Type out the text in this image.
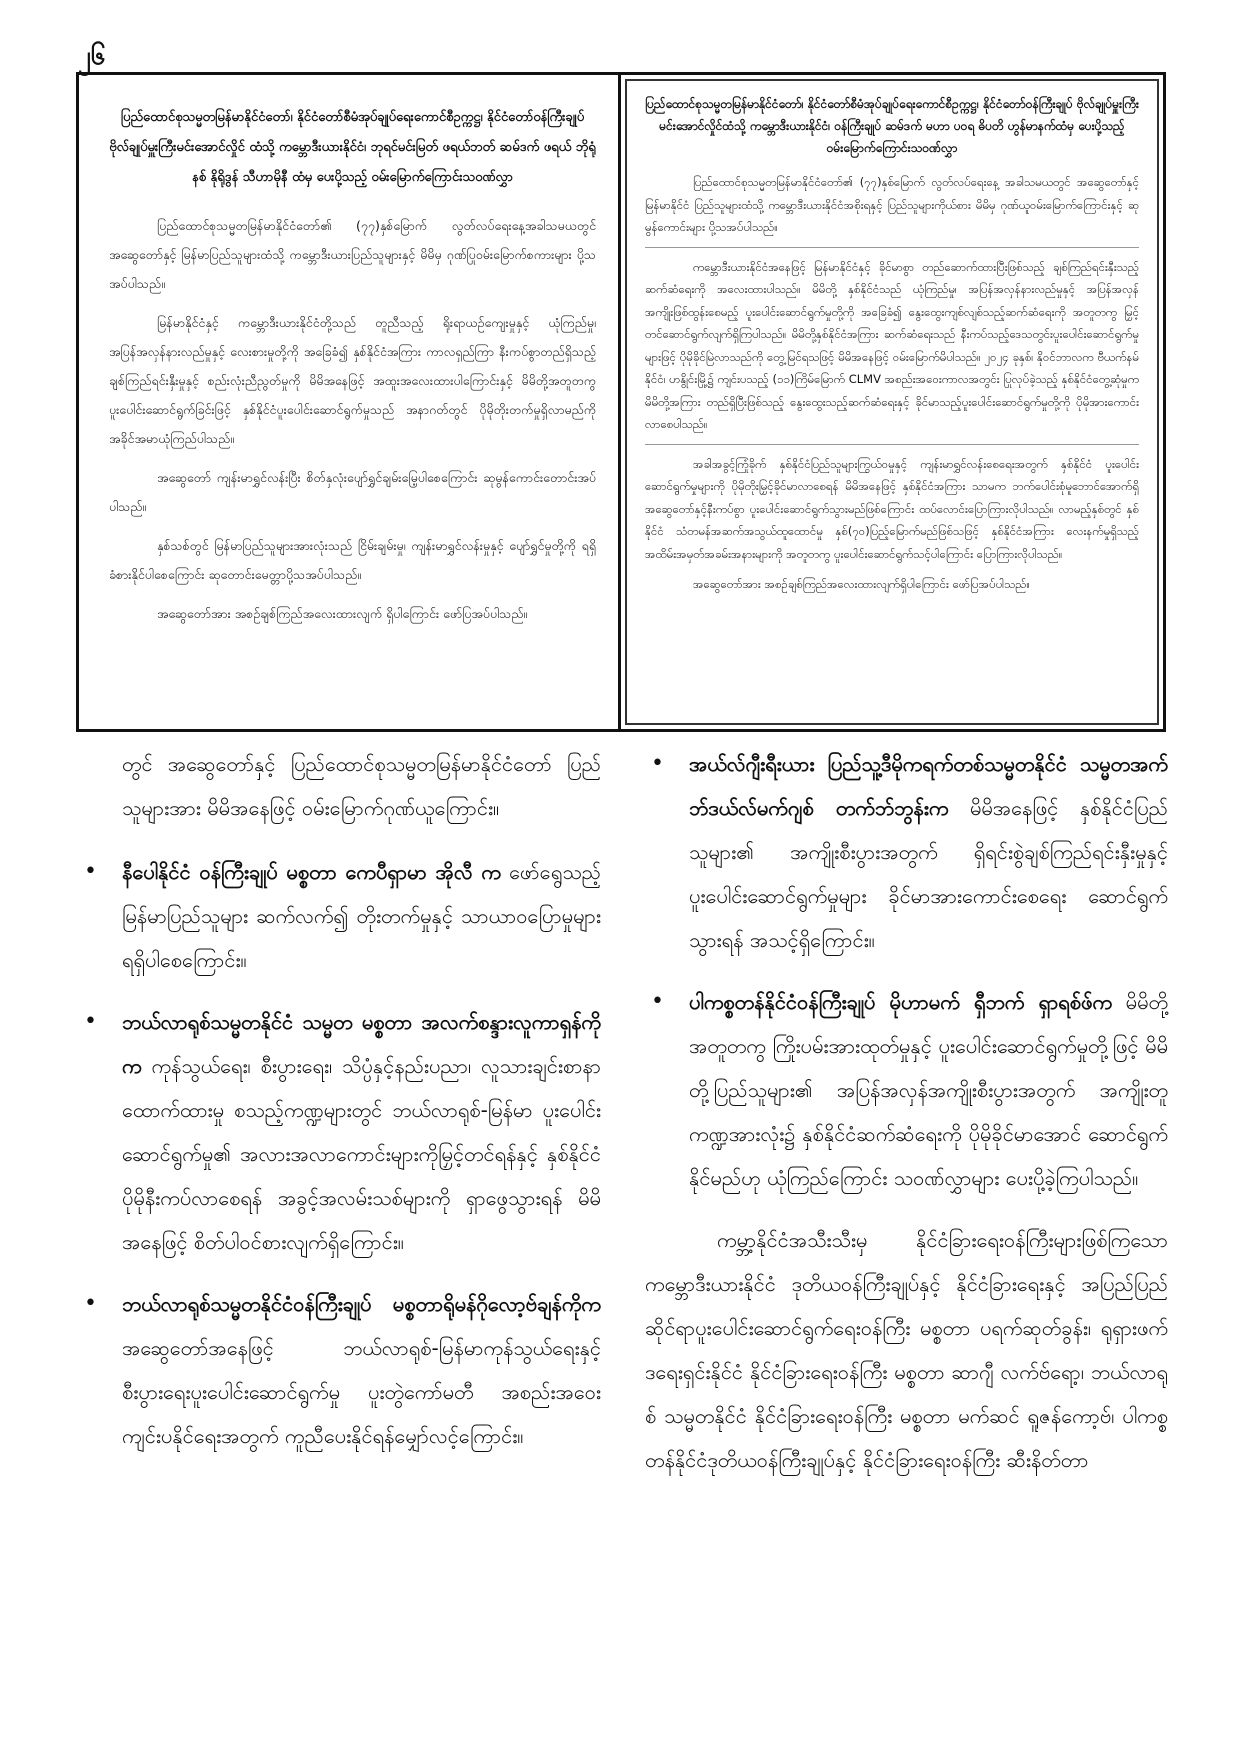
၂၆
ပြည်ထောင်စုသမ္မတမြန်မာနိုင်ငံတော်၊ နိုင်ငံတော်စီမံအုပ်ချုပ်ရေးကောင်စီဥက္ကဋ္ဌ၊ နိုင်ငံတော်ဝန်ကြီးချုပ် ဗိုလ်ချုပ်မှူးကြီးမင်းအောင်လှိုင် ထံသို့ ကမ္ဘောဒီးယားနိုင်ငံ၊ ဘုရင်မင်းမြတ် ဖရယ်ဘတ် ဆမ်ဒက် ဖရယ် ဘိုရုံနစ် နိုရိုဒွန် သီဟာမိုနီ ထံမှ ပေးပို့သည့် ဝမ်းမြောက်ကြောင်းသဝဏ်လွှာ

ပြည်ထောင်စုသမ္မတမြန်မာနိုင်ငံတော်၏ (၇၇)နှစ်မြောက် လွတ်လပ်ရေးနေ့အခါသမယတွင် အဆွေတော်နှင့် မြန်မာပြည်သူများထံသို့ ကမ္ဘောဒီးယားပြည်သူများနှင့် မိမိမှ ဂုဏ်ပြုဝမ်းမြောက်စကားများ ပို့သအပ်ပါသည်။

မြန်မာနိုင်ငံနှင့် ကမ္ဘောဒီးယားနိုင်ငံတို့သည် တူညီသည့် ရိုးရာယဉ်ကျေးမှုနှင့် ယုံကြည်မှု၊ အပြန်အလှန်နားလည်မှုနှင့် လေးစားမှုတို့ကို အခြေခံ၍ နှစ်နိုင်ငံအကြား ကာလရှည်ကြာ နီးကပ်စွာတည်ရှိသည့် ချစ်ကြည်ရင်းနှီးမှုနှင့် စည်းလုံးညီညွတ်မှုကို မိမိအနေဖြင့် အထူးအလေးထားပါကြောင်းနှင့် မိမိတို့အတူတကွ ပူးပေါင်းဆောင်ရွက်ခြင်းဖြင့် နှစ်နိုင်ငံပူးပေါင်းဆောင်ရွက်မှုသည် အနာဂတ်တွင် ပိုမိုတိုးတက်မှုရှိလာမည်ကို အခိုင်အမာယုံကြည်ပါသည်။

အဆွေတော် ကျန်းမာရွှင်လန်းပြီး စိတ်နှလုံးပျော်ရွှင်ချမ်းမြေ့ပါစေကြောင်း ဆုမွန်ကောင်းတောင်းအပ်ပါသည်။

နှစ်သစ်တွင် မြန်မာပြည်သူများအားလုံးသည် ငြိမ်းချမ်းမှု၊ ကျန်းမာရွှင်လန်းမှုနှင့် ပျော်ရွှင်မှုတို့ကို ရရှိခံစားနိုင်ပါစေကြောင်း ဆုတောင်းမေတ္တာပို့သအပ်ပါသည်။

အဆွေတော်အား အစဉ်ချစ်ကြည်အလေးထားလျက် ရှိပါကြောင်း ဖော်ပြအပ်ပါသည်။

ပြည်ထောင်စုသမ္မတမြန်မာနိုင်ငံတော်၊ နိုင်ငံတော်စီမံအုပ်ချုပ်ရေးကောင်စီဥက္ကဋ္ဌ၊ နိုင်ငံတော်ဝန်ကြီးချုပ် ဗိုလ်ချုပ်မှူးကြီး မင်းအောင်လှိုင်ထံသို့ ကမ္ဘောဒီးယားနိုင်ငံ၊ ဝန်ကြီးချုပ် ဆမ်ဒက် မဟာ ပဝရ ဓိပတိ ဟွန်မာနက်ထံမှ ပေးပို့သည့် ဝမ်းမြောက်ကြောင်းသဝဏ်လွှာ

ပြည်ထောင်စုသမ္မတမြန်မာနိုင်ငံတော်၏ (၇၇)နှစ်မြောက် လွတ်လပ်ရေးနေ့ အခါသမယတွင် အဆွေတော်နှင့် မြန်မာနိုင်ငံ ပြည်သူများထံသို့ ကမ္ဘောဒီးယားနိုင်ငံအစိုးရနှင့် ပြည်သူများကိုယ်စား မိမိမှ ဂုဏ်ယူဝမ်းမြောက်ကြောင်းနှင့် ဆုမွန်ကောင်းများ ပို့သအပ်ပါသည်။

ကမ္ဘောဒီးယားနိုင်ငံအနေဖြင့် မြန်မာနိုင်ငံနှင့် ခိုင်မာစွာ တည်ဆောက်ထားပြီးဖြစ်သည့် ချစ်ကြည်ရင်းနှီးသည့်ဆက်ဆံရေးကို အလေးထားပါသည်။ မိမိတို့ နှစ်နိုင်ငံသည် ယုံကြည်မှု၊ အပြန်အလှန်နားလည်မှုနှင့် အပြန်အလှန် အကျိုးဖြစ်ထွန်းစေမည့် ပူးပေါင်းဆောင်ရွက်မှုတို့ကို အခြေခံ၍ နွေးထွေးကျစ်လျစ်သည့်ဆက်ဆံရေးကို အတူတကွ မြှင့်တင်ဆောင်ရွက်လျက်ရှိကြပါသည်။ မိမိတို့နှစ်နိုင်ငံအကြား ဆက်ဆံရေးသည် နီးကပ်သည့်ဒေသတွင်းပူးပေါင်းဆောင်ရွက်မှုများဖြင့် ပိုမိုခိုင်မြဲလာသည်ကို တွေ့မြင်ရသဖြင့် မိမိအနေဖြင့် ဝမ်းမြောက်မိပါသည်။ ၂၀၂၄ ခုနှစ်၊ နိုဝင်ဘာလက ဗီယက်နမ်နိုင်ငံ၊ ဟနွိုင်းမြို့၌ ကျင်းပသည့် (၁၁)ကြိမ်မြောက် CLMV အစည်းအဝေးကာလအတွင်း ပြုလုပ်ခဲ့သည့် နှစ်နိုင်ငံတွေ့ဆုံမှုက မိမိတို့အကြား တည်ရှိပြီးဖြစ်သည့် နွေးထွေးသည့်ဆက်ဆံရေးနှင့် ခိုင်မာသည့်ပူးပေါင်းဆောင်ရွက်မှုတို့ကို ပိုမိုအားကောင်းလာစေပါသည်။

အခါအခွင့်ကြုံခိုက် နှစ်နိုင်ငံပြည်သူများကြွယ်ဝမှုနှင့် ကျန်းမာရွှင်လန်းစေရေးအတွက် နှစ်နိုင်ငံ ပူးပေါင်းဆောင်ရွက်မှုများကို ပိုမိုတိုးမြှင့်ခိုင်မာလာစေရန် မိမိအနေဖြင့် နှစ်နိုင်ငံအကြား သာမက ဘက်ပေါင်းစုံမူဘောင်အောက်ရှိ အဆွေတော်နှင့်နီးကပ်စွာ ပူးပေါင်းဆောင်ရွက်သွားမည်ဖြစ်ကြောင်း ထပ်လောင်းပြောကြားလိုပါသည်။ လာမည့်နှစ်တွင် နှစ်နိုင်ငံ သံတမန်အဆက်အသွယ်ထူထောင်မှု နှစ်(၇၀)ပြည့်မြောက်မည်ဖြစ်သဖြင့် နှစ်နိုင်ငံအကြား လေးနက်မှုရှိသည့် အထိမ်းအမှတ်အခမ်းအနားများကို အတူတကွ ပူးပေါင်းဆောင်ရွက်သင့်ပါကြောင်း ပြောကြားလိုပါသည်။

အဆွေတော်အား အစဉ်ချစ်ကြည်အလေးထားလျက်ရှိပါကြောင်း ဖော်ပြအပ်ပါသည်။

တွင် အဆွေတော်နှင့် ပြည်ထောင်စုသမ္မတမြန်မာနိုင်ငံတော် ပြည်သူများအား မိမိအနေဖြင့် ဝမ်းမြောက်ဂုဏ်ယူကြောင်း။

•	နီပေါနိုင်ငံ ဝန်ကြီးချုပ် မစ္စတာ ကေပီရှာမာ အိုလီ က ဖော်ရွေသည့် မြန်မာပြည်သူများ ဆက်လက်၍ တိုးတက်မှုနှင့် သာယာဝပြောမှုများရရှိပါစေကြောင်း။
•	ဘယ်လာရုစ်သမ္မတနိုင်ငံ သမ္မတ မစ္စတာ အလက်စန္ဒားလူကာရှန်ကို က ကုန်သွယ်ရေး၊ စီးပွားရေး၊ သိပ္ပံနှင့်နည်းပညာ၊ လူသားချင်းစာနာထောက်ထားမှု စသည့်ကဏ္ဍများတွင် ဘယ်လာရုစ်-မြန်မာ ပူးပေါင်းဆောင်ရွက်မှု၏ အလားအလာကောင်းများကိုမြှင့်တင်ရန်နှင့် နှစ်နိုင်ငံပိုမိုနီးကပ်လာစေရန် အခွင့်အလမ်းသစ်များကို ရှာဖွေသွားရန် မိမိအနေဖြင့် စိတ်ပါဝင်စားလျက်ရှိကြောင်း။
•	ဘယ်လာရုစ်သမ္မတနိုင်ငံဝန်ကြီးချုပ် မစ္စတာရိုမန်ဂိုလော့ဗ်ချန်ကိုက အဆွေတော်အနေဖြင့် ဘယ်လာရုစ်-မြန်မာကုန်သွယ်ရေးနှင့် စီးပွားရေးပူးပေါင်းဆောင်ရွက်မှု ပူးတွဲကော်မတီ အစည်းအဝေးကျင်းပနိုင်ရေးအတွက် ကူညီပေးနိုင်ရန်မျှော်လင့်ကြောင်း။
•	အယ်လ်ဂျီးရီးယား ပြည်သူ့ဒီမိုကရက်တစ်သမ္မတနိုင်ငံ သမ္မတအက်ဘ်ဒယ်လ်မက်ဂျစ် တက်ဘ်ဘွန်းက မိမိအနေဖြင့် နှစ်နိုင်ငံပြည်သူများ၏ အကျိုးစီးပွားအတွက် ရှိရင်းစွဲချစ်ကြည်ရင်းနှီးမှုနှင့် ပူးပေါင်းဆောင်ရွက်မှုများ ခိုင်မာအားကောင်းစေရေး ဆောင်ရွက်သွားရန် အသင့်ရှိကြောင်း။
•	ပါကစ္စတန်နိုင်ငံဝန်ကြီးချုပ် မိုဟာမက် ရှီဘက် ရှာရစ်ဖ်က မိမိတို့အတူတကွ ကြိုးပမ်းအားထုတ်မှုနှင့် ပူးပေါင်းဆောင်ရွက်မှုတို့ဖြင့် မိမိတို့ပြည်သူများ၏ အပြန်အလှန်အကျိုးစီးပွားအတွက် အကျိုးတူကဏ္ဍအားလုံး၌ နှစ်နိုင်ငံဆက်ဆံရေးကို ပိုမိုခိုင်မာအောင် ဆောင်ရွက်နိုင်မည်ဟု ယုံကြည်ကြောင်း သဝဏ်လွှာများ ပေးပို့ခဲ့ကြပါသည်။

ကမ္ဘာ့နိုင်ငံအသီးသီးမှ နိုင်ငံခြားရေးဝန်ကြီးများဖြစ်ကြသော ကမ္ဘောဒီးယားနိုင်ငံ ဒုတိယဝန်ကြီးချုပ်နှင့် နိုင်ငံခြားရေးနှင့် အပြည်ပြည်ဆိုင်ရာပူးပေါင်းဆောင်ရွက်ရေးဝန်ကြီး မစ္စတာ ပရက်ဆုတ်ခွန်း၊ ရုရှားဖက်ဒရေးရှင်းနိုင်ငံ နိုင်ငံခြားရေးဝန်ကြီး မစ္စတာ ဆာဂျီ လက်ဗ်ရော့၊ ဘယ်လာရုစ် သမ္မတနိုင်ငံ နိုင်ငံခြားရေးဝန်ကြီး မစ္စတာ မက်ဆင် ရူဇန်ကော့ဗ်၊ ပါကစ္စတန်နိုင်ငံဒုတိယဝန်ကြီးချုပ်နှင့် နိုင်ငံခြားရေးဝန်ကြီး ဆီးနိတ်တာ
